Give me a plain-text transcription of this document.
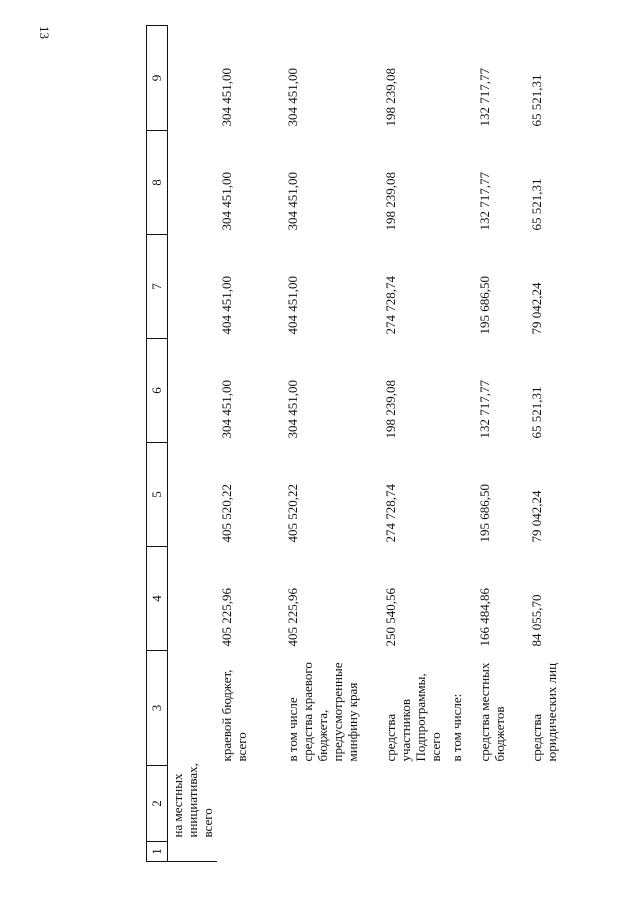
13
1	2	3	4	5	6	7	8	9
	на местных инициативах, всего							
		краевой бюджет, всего	405 225,96	405 520,22	304 451,00	404 451,00	304 451,00	304 451,00
		в том числе средства краевого бюджета, предусмотренные минфину края	405 225,96	405 520,22	304 451,00	404 451,00	304 451,00	304 451,00
		средства участников Подпрограммы, всего	250 540,56	274 728,74	198 239,08	274 728,74	198 239,08	198 239,08
		в том числе:						
		средства местных бюджетов	166 484,86	195 686,50	132 717,77	195 686,50	132 717,77	132 717,77
		средства юридических лиц	84 055,70	79 042,24	65 521,31	79 042,24	65 521,31	65 521,31
